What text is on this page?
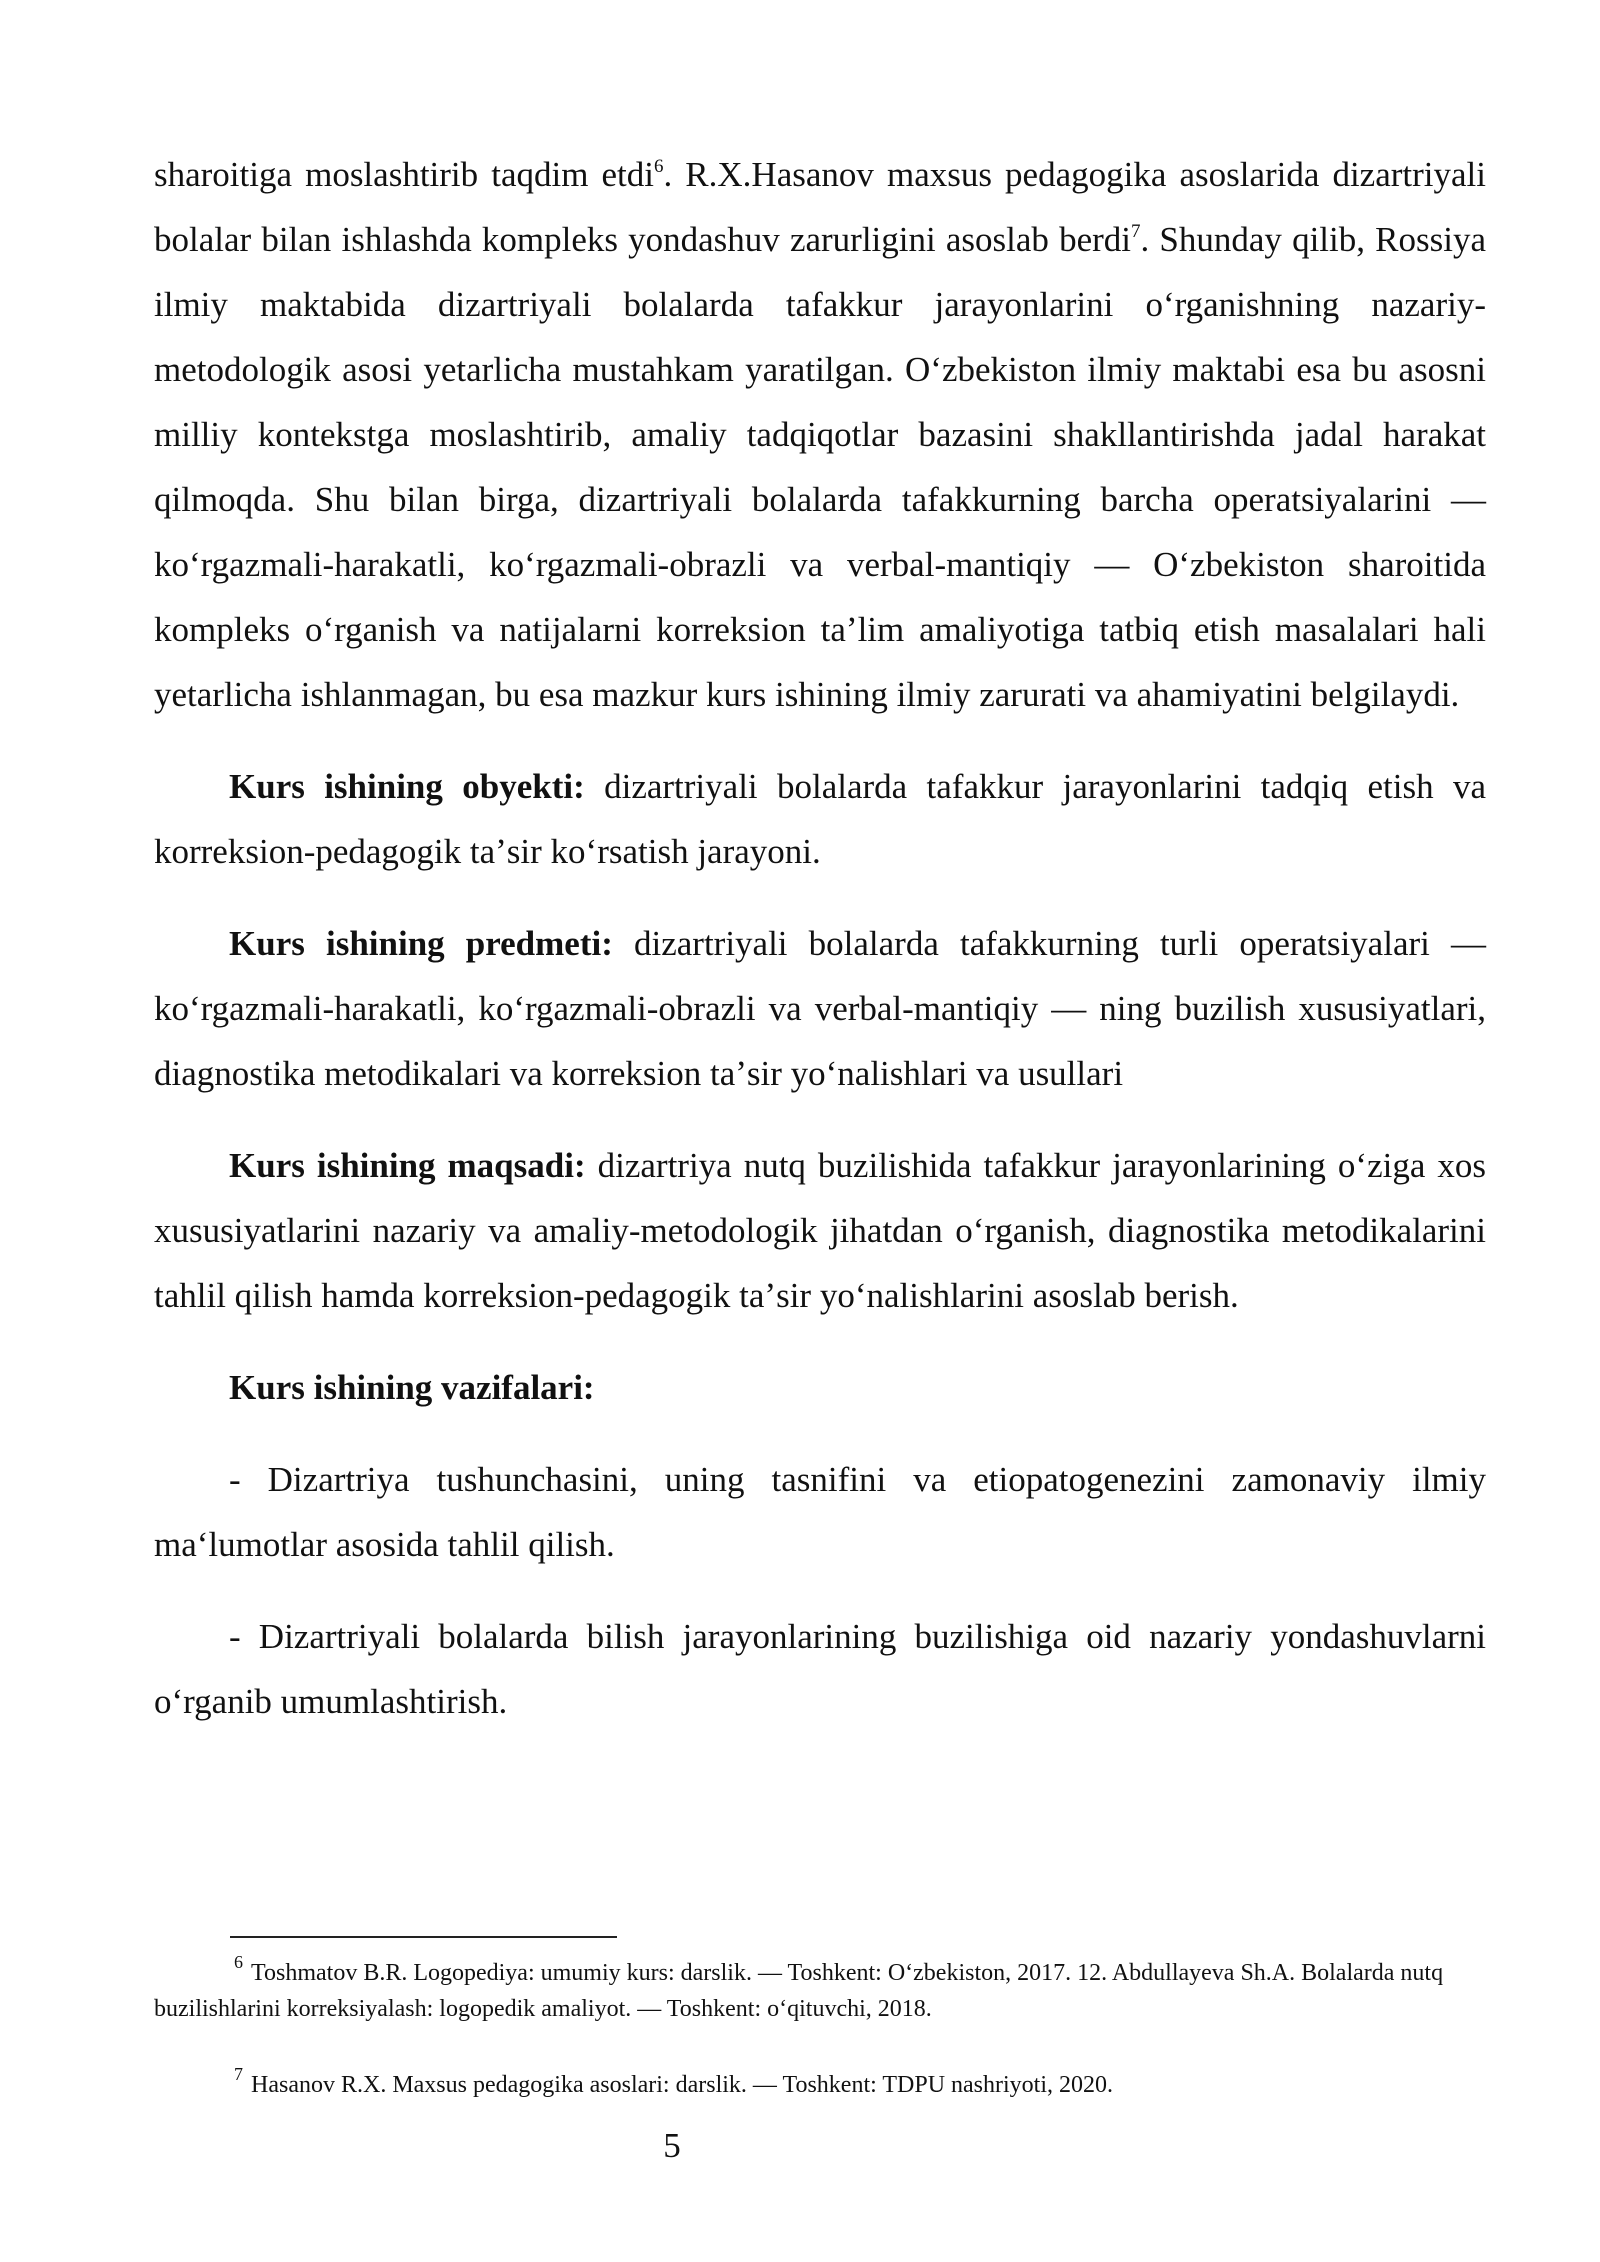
sharoitiga moslashtirib taqdim etdi$^6$. R.X.Hasanov maxsus pedagogika asoslarida dizartriyali bolalar bilan ishlashda kompleks yondashuv zarurligini asoslab berdi$^7$. Shunday qilib, Rossiya ilmiy maktabida dizartriyali bolalarda tafakkur jarayonlarini oʻrganishning nazariy-metodologik asosi yetarlicha mustahkam yaratilgan. Oʻzbekiston ilmiy maktabi esa bu asosni milliy kontekstga moslashtirib, amaliy tadqiqotlar bazasini shakllantirishda jadal harakat qilmoqda. Shu bilan birga, dizartriyali bolalarda tafakkurning barcha operatsiyalarini — koʻrgazmali-harakatli, koʻrgazmali-obrazli va verbal-mantiqiy — Oʻzbekiston sharoitida kompleks oʻrganish va natijalarni korreksion taʼlim amaliyotiga tatbiq etish masalalari hali yetarlicha ishlanmagan, bu esa mazkur kurs ishining ilmiy zarurati va ahamiyatini belgilaydi.

Kurs ishining obyekti: dizartriyali bolalarda tafakkur jarayonlarini tadqiq etish va korreksion-pedagogik taʼsir koʻrsatish jarayoni.

Kurs ishining predmeti: dizartriyali bolalarda tafakkurning turli operatsiyalari — koʻrgazmali-harakatli, koʻrgazmali-obrazli va verbal-mantiqiy — ning buzilish xususiyatlari, diagnostika metodikalari va korreksion taʼsir yoʻnalishlari va usullari

Kurs ishining maqsadi: dizartriya nutq buzilishida tafakkur jarayonlarining oʻziga xos xususiyatlarini nazariy va amaliy-metodologik jihatdan oʻrganish, diagnostika metodikalarini tahlil qilish hamda korreksion-pedagogik taʼsir yoʻnalishlarini asoslab berish.

Kurs ishining vazifalari:

- Dizartriya tushunchasini, uning tasnifini va etiopatogenezini zamonaviy ilmiy maʻlumotlar asosida tahlil qilish.

- Dizartriyali bolalarda bilish jarayonlarining buzilishiga oid nazariy yondashuvlarni oʻrganib umumlashtirish.

$^6$ Toshmatov B.R. Logopediya: umumiy kurs: darslik. — Toshkent: Oʻzbekiston, 2017. 12. Abdullayeva Sh.A. Bolalarda nutq buzilishlarini korreksiyalash: logopedik amaliyot. — Toshkent: oʻqituvchi, 2018.

$^7$ Hasanov R.X. Maxsus pedagogika asoslari: darslik. — Toshkent: TDPU nashriyoti, 2020.

5
